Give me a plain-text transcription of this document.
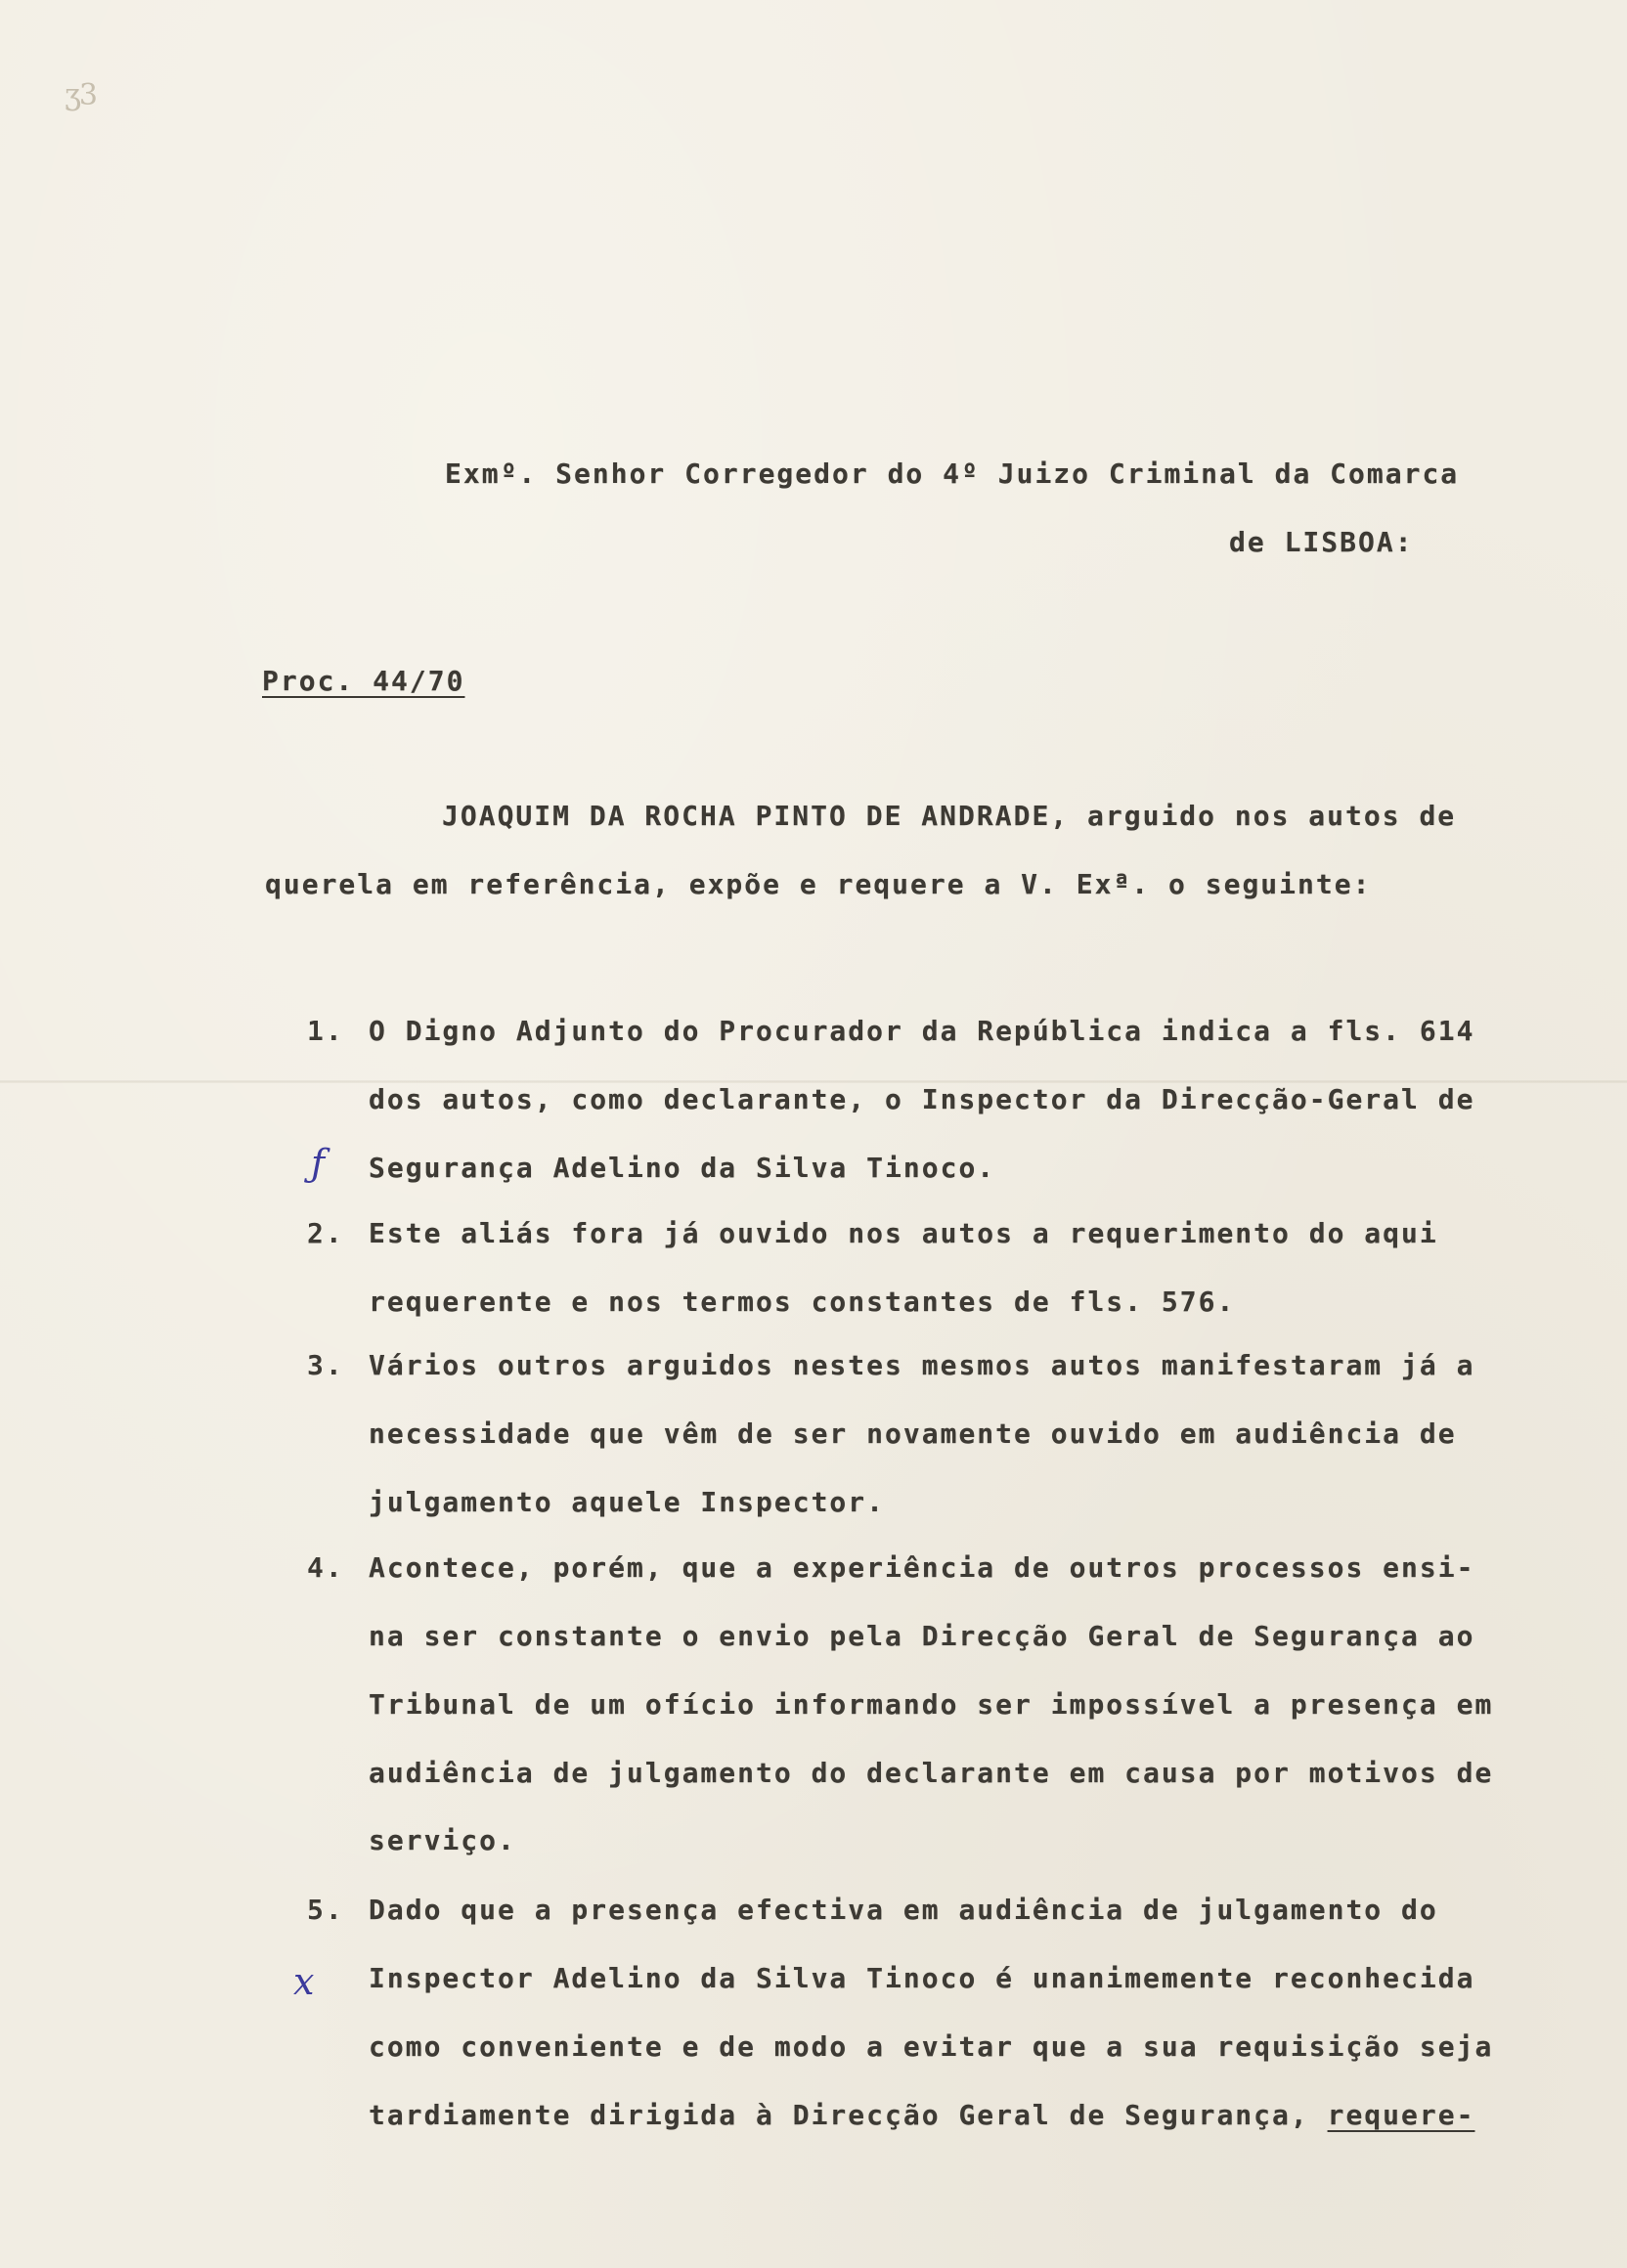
ʒ3
Exmº. Senhor Corregedor do 4º Juizo Criminal da Comarca
de LISBOA:
Proc. 44/70
JOAQUIM DA ROCHA PINTO DE ANDRADE, arguido nos autos de
querela em referência, expõe e requere a V. Exª. o seguinte:
1. O Digno Adjunto do Procurador da República indica a fls. 614
dos autos, como declarante, o Inspector da Direcção-Geral de
Segurança Adelino da Silva Tinoco.
ƒ
2. Este aliás fora já ouvido nos autos a requerimento do aqui
requerente e nos termos constantes de fls. 576.
3. Vários outros arguidos nestes mesmos autos manifestaram já a
necessidade que vêm de ser novamente ouvido em audiência de
julgamento aquele Inspector.
4. Acontece, porém, que a experiência de outros processos ensi-
na ser constante o envio pela Direcção Geral de Segurança ao
Tribunal de um ofício informando ser impossível a presença em
audiência de julgamento do declarante em causa por motivos de
serviço.
5. Dado que a presença efectiva em audiência de julgamento do
Inspector Adelino da Silva Tinoco é unanimemente reconhecida
como conveniente e de modo a evitar que a sua requisição seja
tardiamente dirigida à Direcção Geral de Segurança, requere-
x
